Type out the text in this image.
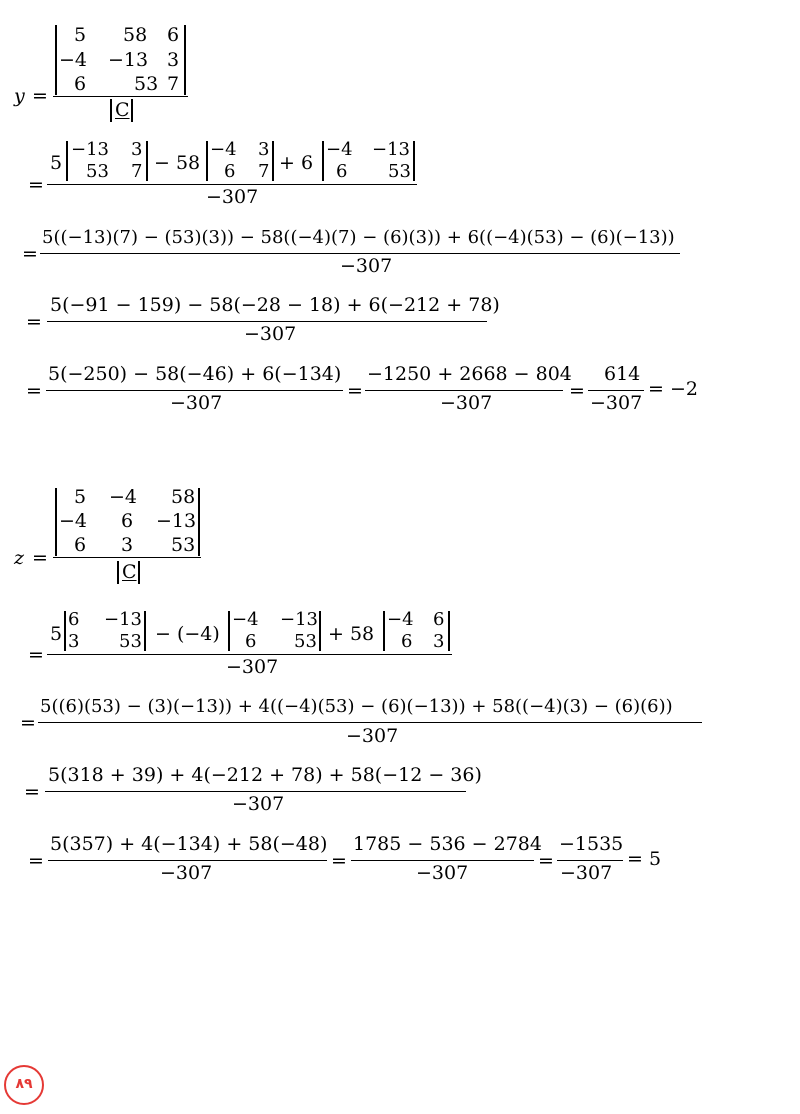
y =
5 58 6
−4 −13 3
6	53 7
C
=
5
−13 3
53 7 − 58
−4 3
6 7 + 6
−4 −13
6 53
−307
=
5((−13)(7) − (53)(3)) − 58((−4)(7) − (6)(3)) + 6((−4)(53) − (6)(−13))
−307
=
5(−91 − 159) − 58(−28 − 18) + 6(−212 + 78)
−307
=
5(−250) − 58(−46) + 6(−134)
−307
=
−1250 + 2668 − 804
−307
=
614
−307
= −2
z =
5 −4 58
−4 6 −13
6 3 53
C
=
5
6 −13
3 53 − (−4)
−4 −13
6 53 + 58
−4 6
6 3
−307
=
5((6)(53) − (3)(−13)) + 4((−4)(53) − (6)(−13)) + 58((−4)(3) − (6)(6))
−307
=
5(318 + 39) + 4(−212 + 78) + 58(−12 − 36)
−307
=
5(357) + 4(−134) + 58(−48)
−307
=
1785 − 536 − 2784
−307
=
−1535
−307
= 5
۸۹
